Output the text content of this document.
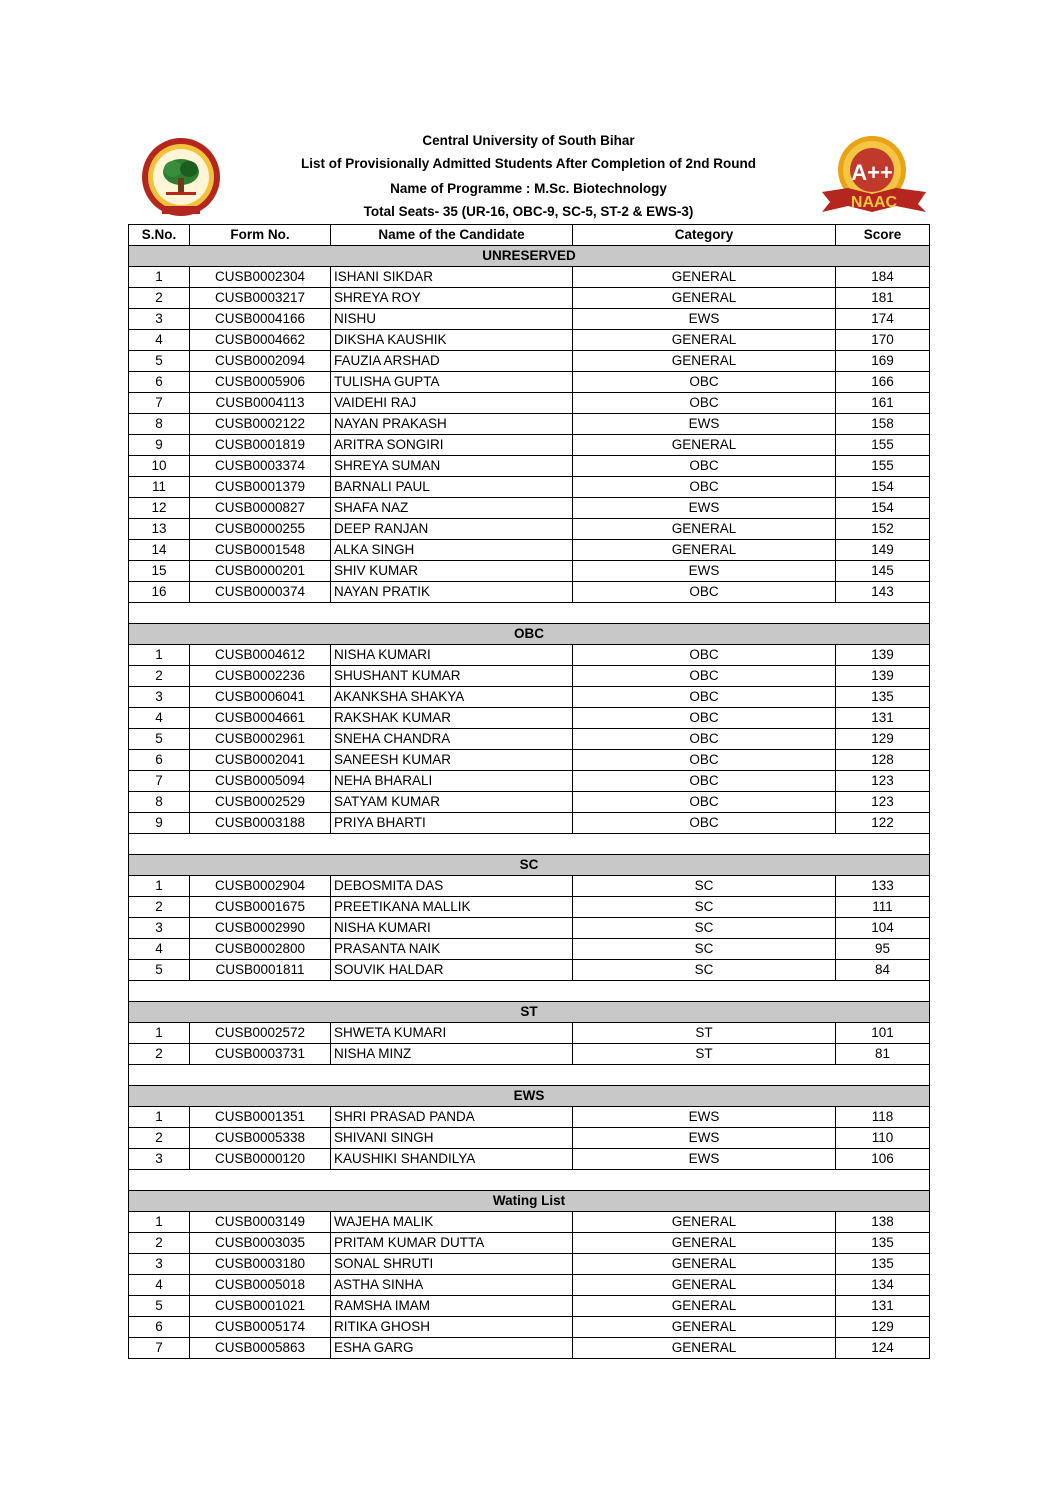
Central University of South Bihar
List of Provisionally Admitted Students After Completion of 2nd Round
Name of Programme : M.Sc. Biotechnology
Total Seats- 35 (UR-16, OBC-9, SC-5, ST-2 & EWS-3)
A++
NAAC
S.No.	Form No.	Name of the Candidate	Category	Score
UNRESERVED				
1	CUSB0002304	ISHANI SIKDAR	GENERAL	184
2	CUSB0003217	SHREYA ROY	GENERAL	181
3	CUSB0004166	NISHU	EWS	174
4	CUSB0004662	DIKSHA KAUSHIK	GENERAL	170
5	CUSB0002094	FAUZIA ARSHAD	GENERAL	169
6	CUSB0005906	TULISHA GUPTA	OBC	166
7	CUSB0004113	VAIDEHI RAJ	OBC	161
8	CUSB0002122	NAYAN PRAKASH	EWS	158
9	CUSB0001819	ARITRA SONGIRI	GENERAL	155
10	CUSB0003374	SHREYA SUMAN	OBC	155
11	CUSB0001379	BARNALI PAUL	OBC	154
12	CUSB0000827	SHAFA NAZ	EWS	154
13	CUSB0000255	DEEP RANJAN	GENERAL	152
14	CUSB0001548	ALKA SINGH	GENERAL	149
15	CUSB0000201	SHIV KUMAR	EWS	145
16	CUSB0000374	NAYAN PRATIK	OBC	143

OBC				
1	CUSB0004612	NISHA KUMARI	OBC	139
2	CUSB0002236	SHUSHANT KUMAR	OBC	139
3	CUSB0006041	AKANKSHA SHAKYA	OBC	135
4	CUSB0004661	RAKSHAK KUMAR	OBC	131
5	CUSB0002961	SNEHA CHANDRA	OBC	129
6	CUSB0002041	SANEESH KUMAR	OBC	128
7	CUSB0005094	NEHA BHARALI	OBC	123
8	CUSB0002529	SATYAM KUMAR	OBC	123
9	CUSB0003188	PRIYA BHARTI	OBC	122

SC				
1	CUSB0002904	DEBOSMITA DAS	SC	133
2	CUSB0001675	PREETIKANA MALLIK	SC	111
3	CUSB0002990	NISHA KUMARI	SC	104
4	CUSB0002800	PRASANTA NAIK	SC	95
5	CUSB0001811	SOUVIK HALDAR	SC	84

ST				
1	CUSB0002572	SHWETA KUMARI	ST	101
2	CUSB0003731	NISHA MINZ	ST	81

EWS				
1	CUSB0001351	SHRI PRASAD PANDA	EWS	118
2	CUSB0005338	SHIVANI SINGH	EWS	110
3	CUSB0000120	KAUSHIKI SHANDILYA	EWS	106

Wating List				
1	CUSB0003149	WAJEHA MALIK	GENERAL	138
2	CUSB0003035	PRITAM KUMAR DUTTA	GENERAL	135
3	CUSB0003180	SONAL SHRUTI	GENERAL	135
4	CUSB0005018	ASTHA SINHA	GENERAL	134
5	CUSB0001021	RAMSHA IMAM	GENERAL	131
6	CUSB0005174	RITIKA GHOSH	GENERAL	129
7	CUSB0005863	ESHA GARG	GENERAL	124
